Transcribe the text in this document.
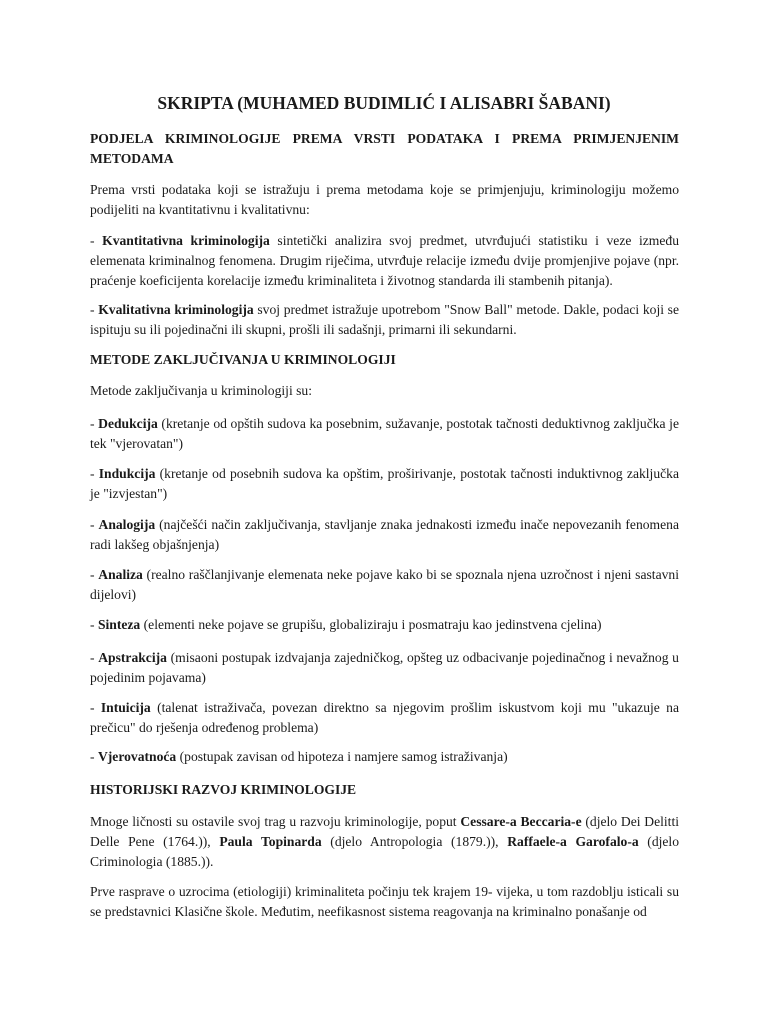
SKRIPTA (MUHAMED BUDIMLIĆ I ALISABRI ŠABANI)

PODJELA KRIMINOLOGIJE PREMA VRSTI PODATAKA I PREMA PRIMJENJENIM METODAMA

Prema vrsti podataka koji se istražuju i prema metodama koje se primjenjuju, kriminologiju možemo podijeliti na kvantitativnu i kvalitativnu:

- Kvantitativna kriminologija sintetički analizira svoj predmet, utvrđujući statistiku i veze između elemenata kriminalnog fenomena. Drugim riječima, utvrđuje relacije između dvije promjenjive pojave (npr. praćenje koeficijenta korelacije između kriminaliteta i životnog standarda ili stambenih pitanja).

- Kvalitativna kriminologija svoj predmet istražuje upotrebom "Snow Ball" metode. Dakle, podaci koji se ispituju su ili pojedinačni ili skupni, prošli ili sadašnji, primarni ili sekundarni.

METODE ZAKLJUČIVANJA U KRIMINOLOGIJI

Metode zaključivanja u kriminologiji su:

- Dedukcija (kretanje od opštih sudova ka posebnim, sužavanje, postotak tačnosti deduktivnog zaključka je tek "vjerovatan")

- Indukcija (kretanje od posebnih sudova ka opštim, proširivanje, postotak tačnosti induktivnog zaključka je "izvjestan")

- Analogija (najčešći način zaključivanja, stavljanje znaka jednakosti između inače nepovezanih fenomena radi lakšeg objašnjenja)

- Analiza (realno raščlanjivanje elemenata neke pojave kako bi se spoznala njena uzročnost i njeni sastavni dijelovi)

- Sinteza (elementi neke pojave se grupišu, globaliziraju i posmatraju kao jedinstvena cjelina)

- Apstrakcija (misaoni postupak izdvajanja zajedničkog, opšteg uz odbacivanje pojedinačnog i nevažnog u pojedinim pojavama)

- Intuicija (talenat istraživača, povezan direktno sa njegovim prošlim iskustvom koji mu "ukazuje na prečicu" do rješenja određenog problema)

- Vjerovatnoća (postupak zavisan od hipoteza i namjere samog istraživanja)

HISTORIJSKI RAZVOJ KRIMINOLOGIJE

Mnoge ličnosti su ostavile svoj trag u razvoju kriminologije, poput Cessare-a Beccaria-e (djelo Dei Delitti Delle Pene (1764.)), Paula Topinarda (djelo Antropologia (1879.)), Raffaele-a Garofalo-a (djelo Criminologia (1885.)).

Prve rasprave o uzrocima (etiologiji) kriminaliteta počinju tek krajem 19- vijeka, u tom razdoblju isticali su se predstavnici Klasične škole. Međutim, neefikasnost sistema reagovanja na kriminalno ponašanje od
